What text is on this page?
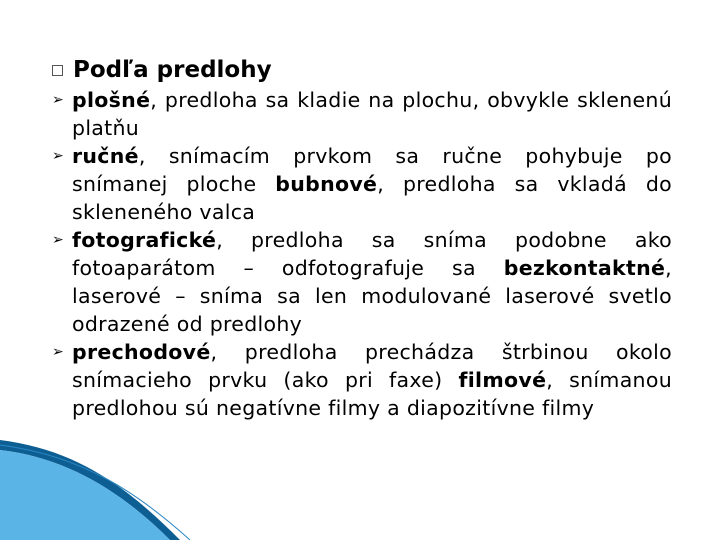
Podľa predlohy
➢ plošné, predloha sa kladie na plochu, obvykle sklenenú platňu
➢ ručné, snímacím prvkom sa ručne pohybuje po snímanej ploche bubnové, predloha sa vkladá do skleneného valca
➢ fotografické, predloha sa sníma podobne ako fotoaparátom – odfotografuje sa bezkontaktné, laserové – sníma sa len modulované laserové svetlo odrazené od predlohy
➢ prechodové, predloha prechádza štrbinou okolo snímacieho prvku (ako pri faxe) filmové, snímanou predlohou sú negatívne filmy a diapozitívne filmy
